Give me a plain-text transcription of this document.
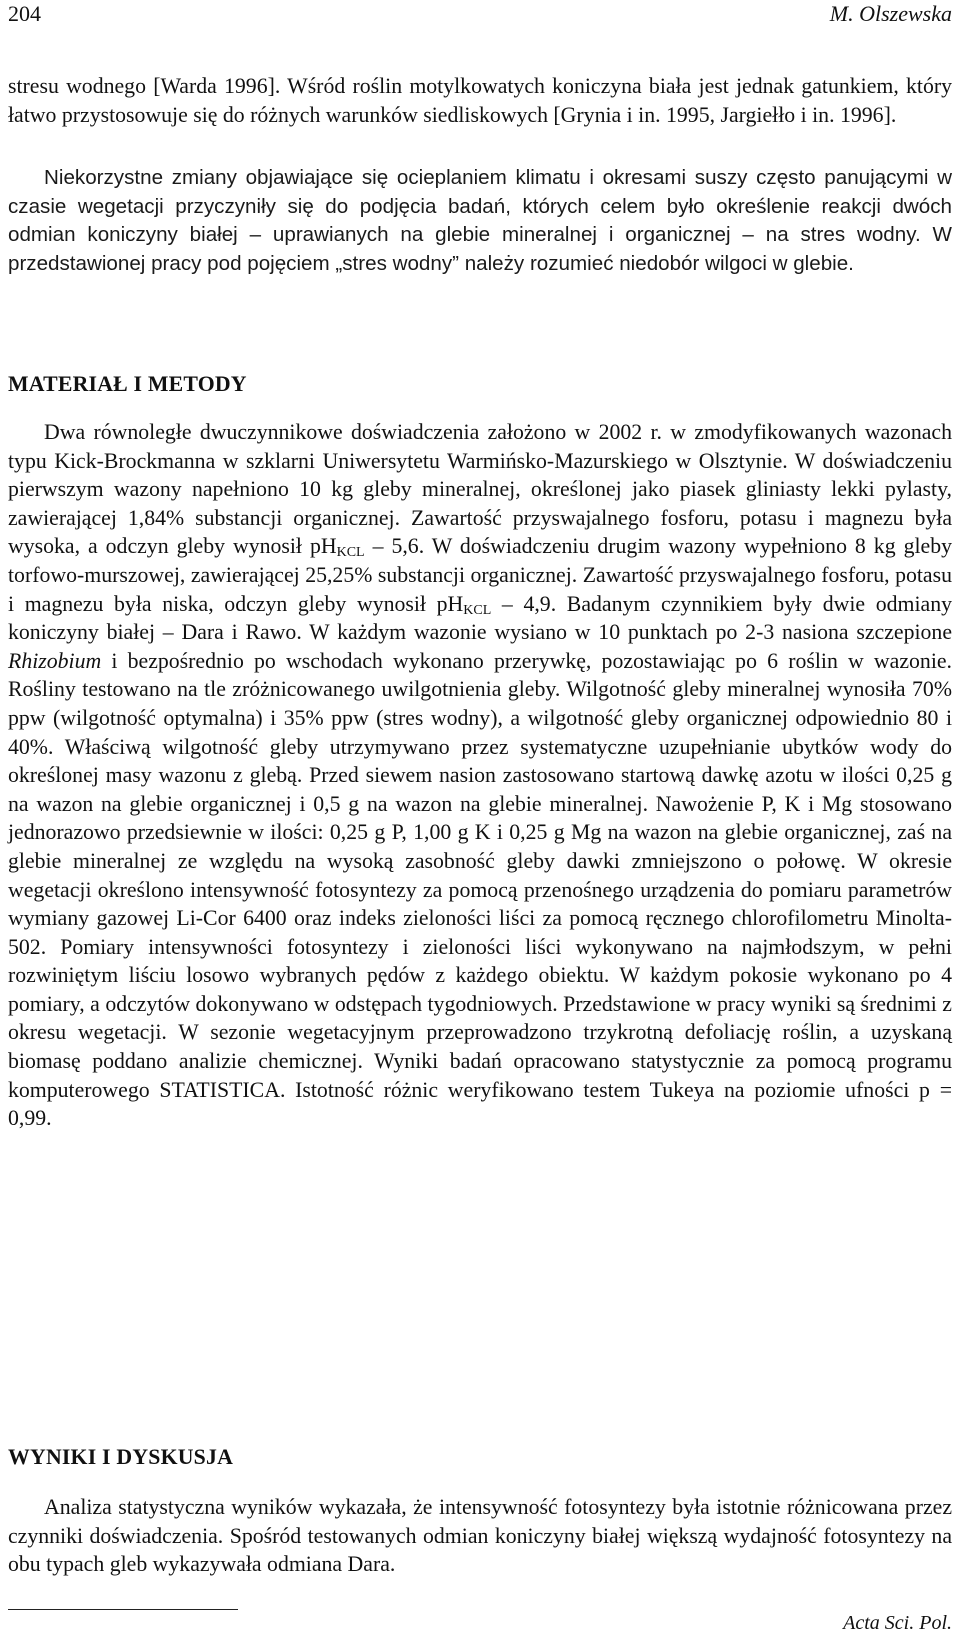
204	M. Olszewska
stresu wodnego [Warda 1996]. Wśród roślin motylkowatych koniczyna biała jest jednak gatunkiem, który łatwo przystosowuje się do różnych warunków siedliskowych [Grynia i in. 1995, Jargiełło i in. 1996].
Niekorzystne zmiany objawiające się ocieplaniem klimatu i okresami suszy często panującymi w czasie wegetacji przyczyniły się do podjęcia badań, których celem było określenie reakcji dwóch odmian koniczyny białej – uprawianych na glebie mineralnej i organicznej – na stres wodny. W przedstawionej pracy pod pojęciem „stres wodny” należy rozumieć niedobór wilgoci w glebie.
MATERIAŁ I METODY
Dwa równoległe dwuczynnikowe doświadczenia założono w 2002 r. w zmodyfikowanych wazonach typu Kick-Brockmanna w szklarni Uniwersytetu Warmińsko-Mazurskiego w Olsztynie. W doświadczeniu pierwszym wazony napełniono 10 kg gleby mineralnej, określonej jako piasek gliniasty lekki pylasty, zawierającej 1,84% substancji organicznej. Zawartość przyswajalnego fosforu, potasu i magnezu była wysoka, a odczyn gleby wynosił $pH_{KCL} - 5,6$. W doświadczeniu drugim wazony wypełniono 8 kg gleby torfowo-murszowej, zawierającej 25,25% substancji organicznej. Zawartość przyswajalnego fosforu, potasu i magnezu była niska, odczyn gleby wynosił $pH_{KCL} - 4,9$. Badanym czynnikiem były dwie odmiany koniczyny białej – Dara i Rawo. W każdym wazonie wysiano w 10 punktach po 2-3 nasiona szczepione Rhizobium i bezpośrednio po wschodach wykonano przerywkę, pozostawiając po 6 roślin w wazonie. Rośliny testowano na tle zróżnicowanego uwilgotnienia gleby. Wilgotność gleby mineralnej wynosiła 70% ppw (wilgotność optymalna) i 35% ppw (stres wodny), a wilgotność gleby organicznej odpowiednio 80 i 40%. Właściwą wilgotność gleby utrzymywano przez systematyczne uzupełnianie ubytków wody do określonej masy wazonu z glebą. Przed siewem nasion zastosowano startową dawkę azotu w ilości 0,25 g na wazon na glebie organicznej i 0,5 g na wazon na glebie mineralnej. Nawożenie P, K i Mg stosowano jednorazowo przedsiewnie w ilości: 0,25 g P, 1,00 g K i 0,25 g Mg na wazon na glebie organicznej, zaś na glebie mineralnej ze względu na wysoką zasobność gleby dawki zmniejszono o połowę. W okresie wegetacji określono intensywność fotosyntezy za pomocą przenośnego urządzenia do pomiaru parametrów wymiany gazowej Li-Cor 6400 oraz indeks zieloności liści za pomocą ręcznego chlorofilometru Minolta-502. Pomiary intensywności fotosyntezy i zieloności liści wykonywano na najmłodszym, w pełni rozwiniętym liściu losowo wybranych pędów z każdego obiektu. W każdym pokosie wykonano po 4 pomiary, a odczytów dokonywano w odstępach tygodniowych. Przedstawione w pracy wyniki są średnimi z okresu wegetacji. W sezonie wegetacyjnym przeprowadzono trzykrotną defoliację roślin, a uzyskaną biomasę poddano analizie chemicznej. Wyniki badań opracowano statystycznie za pomocą programu komputerowego STATISTICA. Istotność różnic weryfikowano testem Tukeya na poziomie ufności p = 0,99.
WYNIKI I DYSKUSJA
Analiza statystyczna wyników wykazała, że intensywność fotosyntezy była istotnie różnicowana przez czynniki doświadczenia. Spośród testowanych odmian koniczyny białej większą wydajność fotosyntezy na obu typach gleb wykazywała odmiana Dara.
Acta Sci. Pol.
